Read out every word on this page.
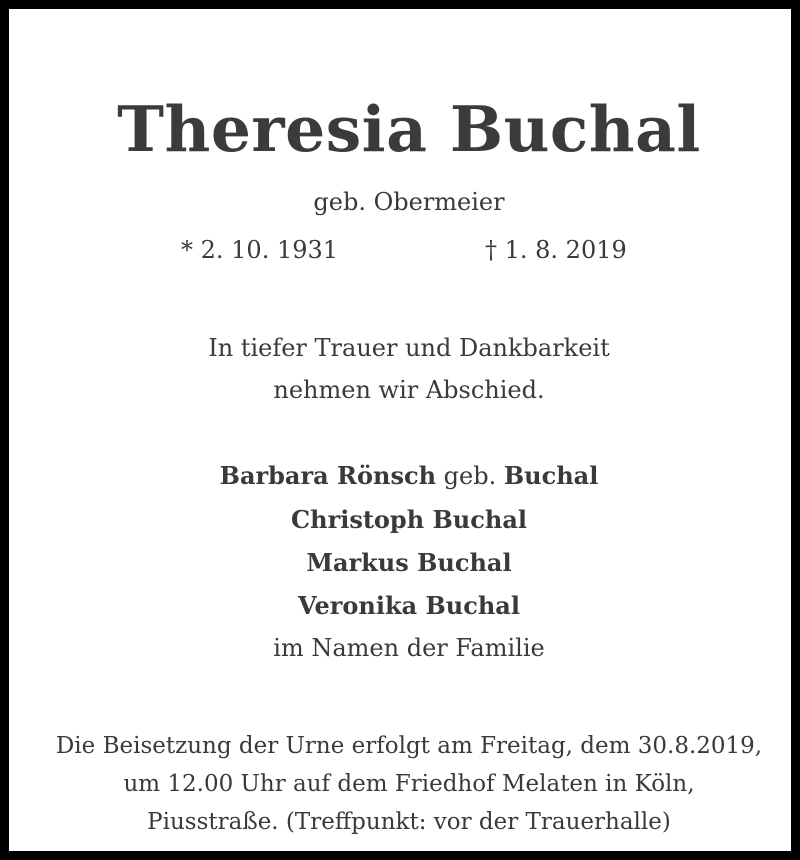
Theresia Buchal
geb. Obermeier
* 2. 10. 1931	† 1. 8. 2019
In tiefer Trauer und Dankbarkeit
nehmen wir Abschied.
Barbara Rönsch geb. Buchal
Christoph Buchal
Markus Buchal
Veronika Buchal
im Namen der Familie
Die Beisetzung der Urne erfolgt am Freitag, dem 30.8.2019,
um 12.00 Uhr auf dem Friedhof Melaten in Köln,
Piusstraße. (Treffpunkt: vor der Trauerhalle)
